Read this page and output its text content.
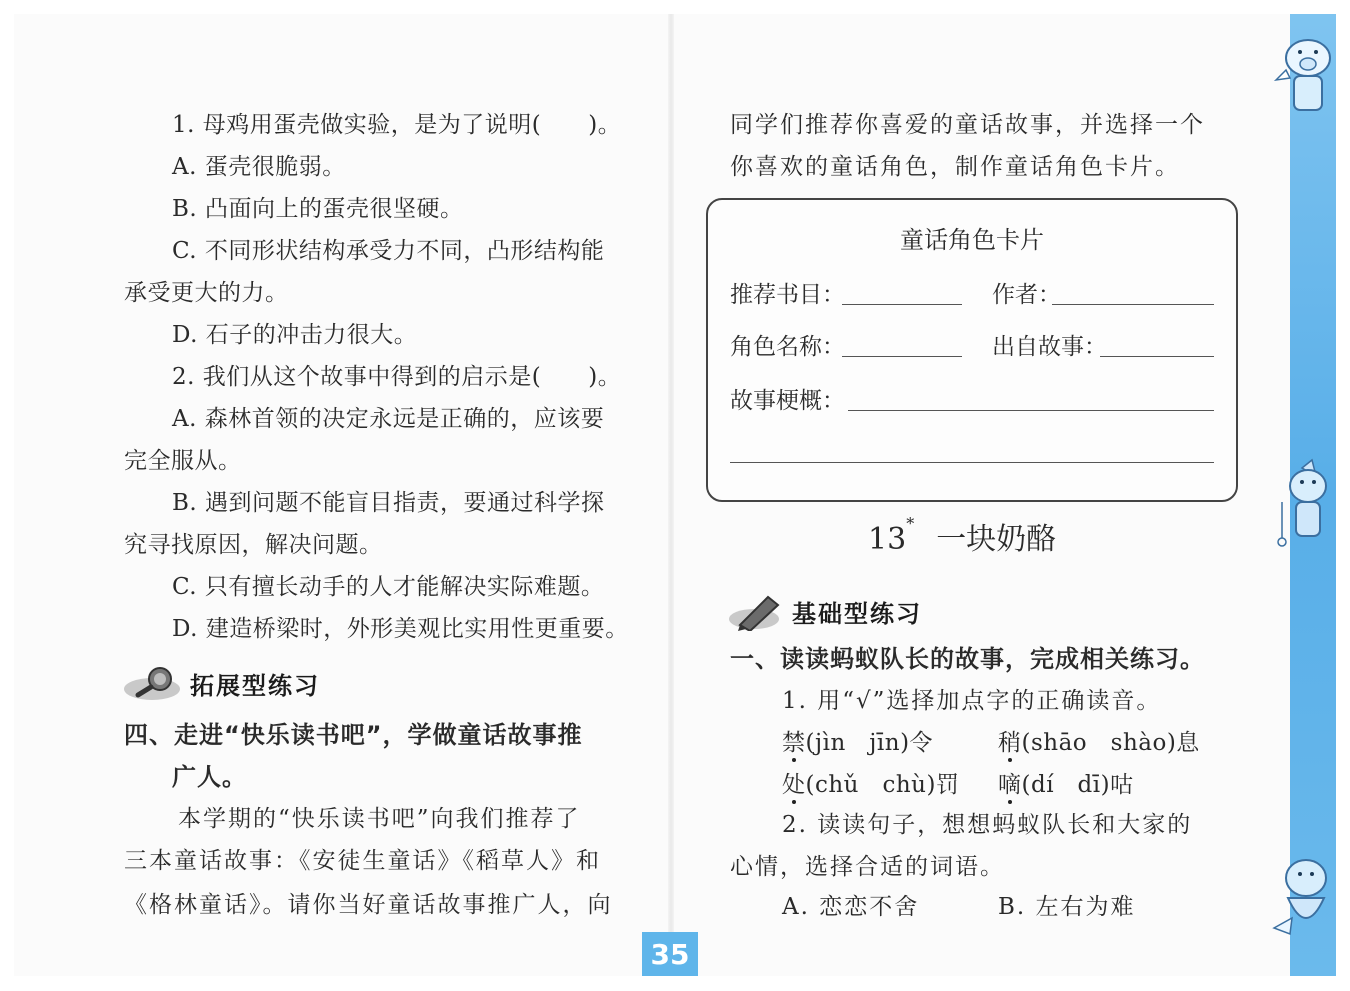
1. 母鸡用蛋壳做实验，是为了说明(　　)。
A. 蛋壳很脆弱。
B. 凸面向上的蛋壳很坚硬。
C. 不同形状结构承受力不同，凸形结构能
承受更大的力。
D. 石子的冲击力很大。
2. 我们从这个故事中得到的启示是(　　)。
A. 森林首领的决定永远是正确的，应该要
完全服从。
B. 遇到问题不能盲目指责，要通过科学探
究寻找原因，解决问题。
C. 只有擅长动手的人才能解决实际难题。
D. 建造桥梁时，外形美观比实用性更重要。
拓展型练习
四、走进“快乐读书吧”，学做童话故事推
广人。
本学期的“快乐读书吧”向我们推荐了
三本童话故事：《安徒生童话》《稻草人》和
《格林童话》。请你当好童话故事推广人，向
同学们推荐你喜爱的童话故事，并选择一个
你喜欢的童话角色，制作童话角色卡片。
童话角色卡片
推荐书目：	作者：
角色名称：	出自故事：
故事梗概：
13* 一块奶酪
基础型练习
一、读读蚂蚁队长的故事，完成相关练习。
1. 用“√”选择加点字的正确读音。
禁(jìn　jīn)令	稍(shāo　shào)息
处(chǔ　chù)罚 嘀(dí　dī)咕
2. 读读句子，想想蚂蚁队长和大家的
心情，选择合适的词语。
A. 恋恋不舍	B. 左右为难
35
